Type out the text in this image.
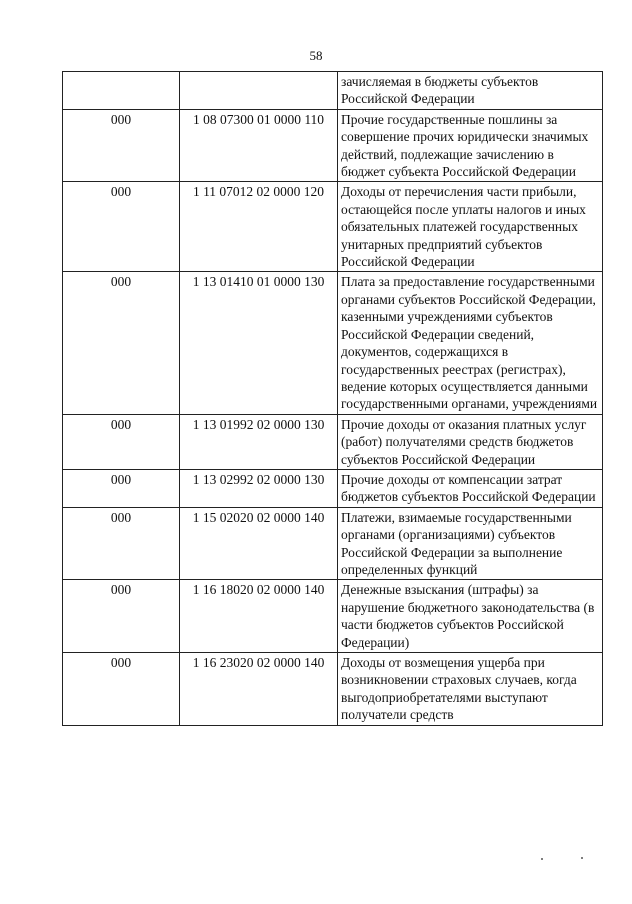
58
		зачисляемая в бюджеты субъектов Российской Федерации
000	1 08 07300 01 0000 110	Прочие государственные пошлины за совершение прочих юридически значимых действий, подлежащие зачислению в бюджет субъекта Российской Федерации
000	1 11 07012 02 0000 120	Доходы от перечисления части прибыли, остающейся после уплаты налогов и иных обязательных платежей государственных унитарных предприятий субъектов Российской Федерации
000	1 13 01410 01 0000 130	Плата за предоставление государственными органами субъектов Российской Федерации, казенными учреждениями субъектов Российской Федерации сведений, документов, содержащихся в государственных реестрах (регистрах), ведение которых осуществляется данными государственными органами, учреждениями
000	1 13 01992 02 0000 130	Прочие доходы от оказания платных услуг (работ) получателями средств бюджетов субъектов Российской Федерации
000	1 13 02992 02 0000 130	Прочие доходы от компенсации затрат бюджетов субъектов Российской Федерации
000	1 15 02020 02 0000 140	Платежи, взимаемые государственными органами (организациями) субъектов Российской Федерации за выполнение определенных функций
000	1 16 18020 02 0000 140	Денежные взыскания (штрафы) за нарушение бюджетного законодательства (в части бюджетов субъектов Российской Федерации)
000	1 16 23020 02 0000 140	Доходы от возмещения ущерба при возникновении страховых случаев, когда выгодоприобретателями выступают получатели средств
